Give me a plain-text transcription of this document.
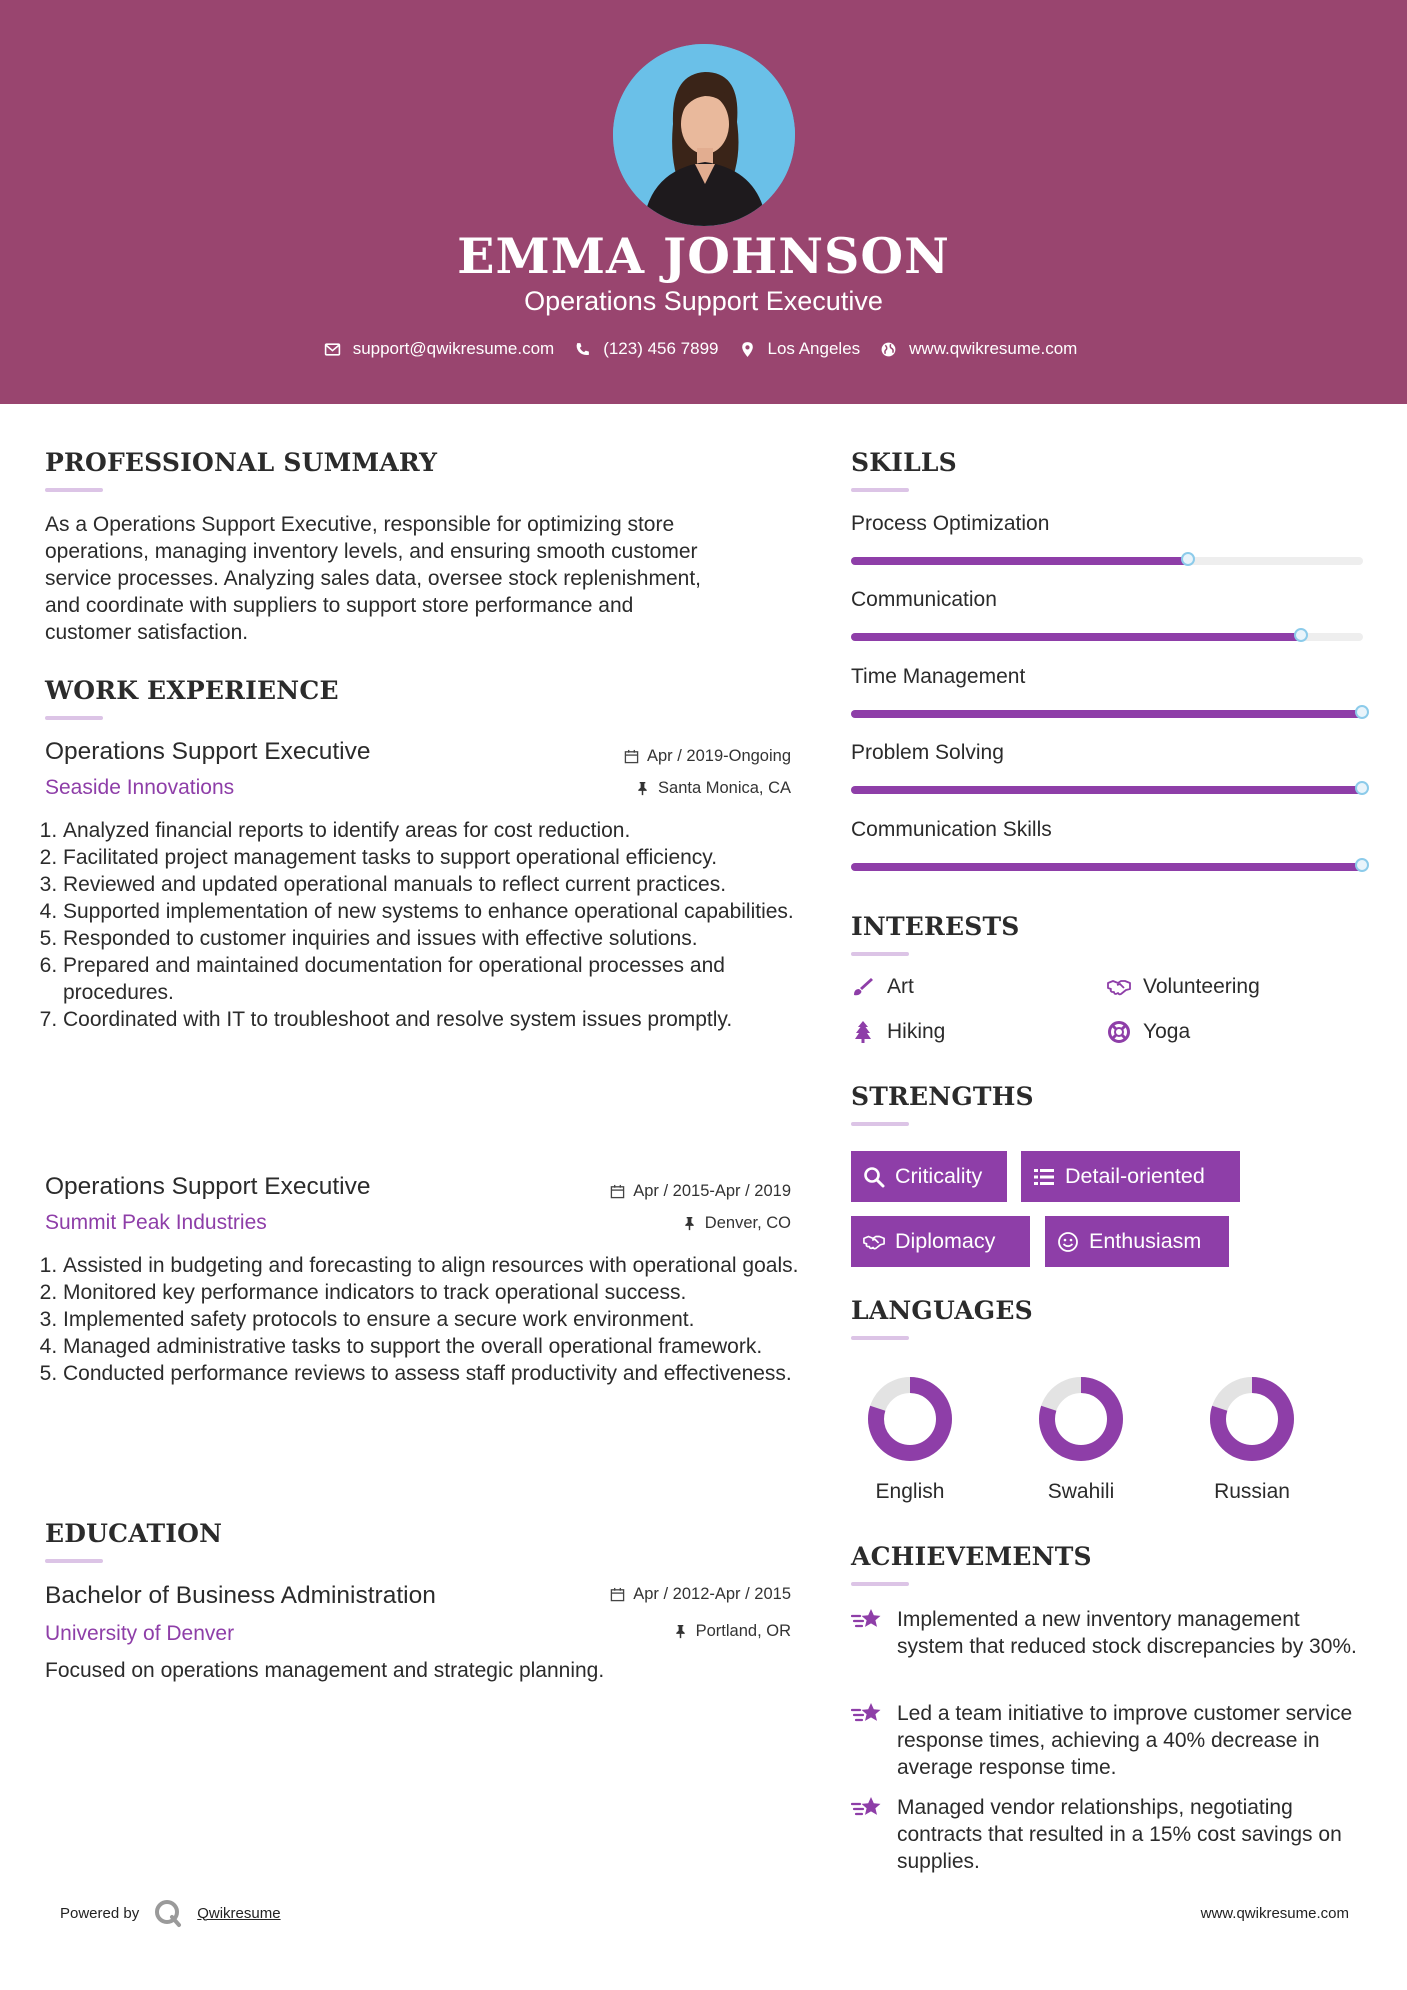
EMMA JOHNSON
Operations Support Executive
support@qwikresume.com	(123) 456 7899	Los Angeles	www.qwikresume.com
PROFESSIONAL SUMMARY
As a Operations Support Executive, responsible for optimizing store
operations, managing inventory levels, and ensuring smooth customer
service processes. Analyzing sales data, oversee stock replenishment,
and coordinate with suppliers to support store performance and
customer satisfaction.
WORK EXPERIENCE
Operations Support Executive	Apr / 2019-Ongoing
Seaside Innovations	Santa Monica, CA
1. Analyzed financial reports to identify areas for cost reduction.
2. Facilitated project management tasks to support operational efficiency.
3. Reviewed and updated operational manuals to reflect current practices.
4. Supported implementation of new systems to enhance operational capabilities.
5. Responded to customer inquiries and issues with effective solutions.
6. Prepared and maintained documentation for operational processes and procedures.
7. Coordinated with IT to troubleshoot and resolve system issues promptly.
Operations Support Executive	Apr / 2015-Apr / 2019
Summit Peak Industries	Denver, CO
1. Assisted in budgeting and forecasting to align resources with operational goals.
2. Monitored key performance indicators to track operational success.
3. Implemented safety protocols to ensure a secure work environment.
4. Managed administrative tasks to support the overall operational framework.
5. Conducted performance reviews to assess staff productivity and effectiveness.
EDUCATION
Bachelor of Business Administration	Apr / 2012-Apr / 2015
University of Denver	Portland, OR
Focused on operations management and strategic planning.
SKILLS
Process Optimization
Communication
Time Management
Problem Solving
Communication Skills
INTERESTS
Art	Volunteering
Hiking	Yoga
STRENGTHS
Criticality	Detail-oriented
Diplomacy	Enthusiasm
LANGUAGES
English	Swahili	Russian
ACHIEVEMENTS
Implemented a new inventory management system that reduced stock discrepancies by 30%.
Led a team initiative to improve customer service response times, achieving a 40% decrease in average response time.
Managed vendor relationships, negotiating contracts that resulted in a 15% cost savings on supplies.
Powered by	Qwikresume	www.qwikresume.com
